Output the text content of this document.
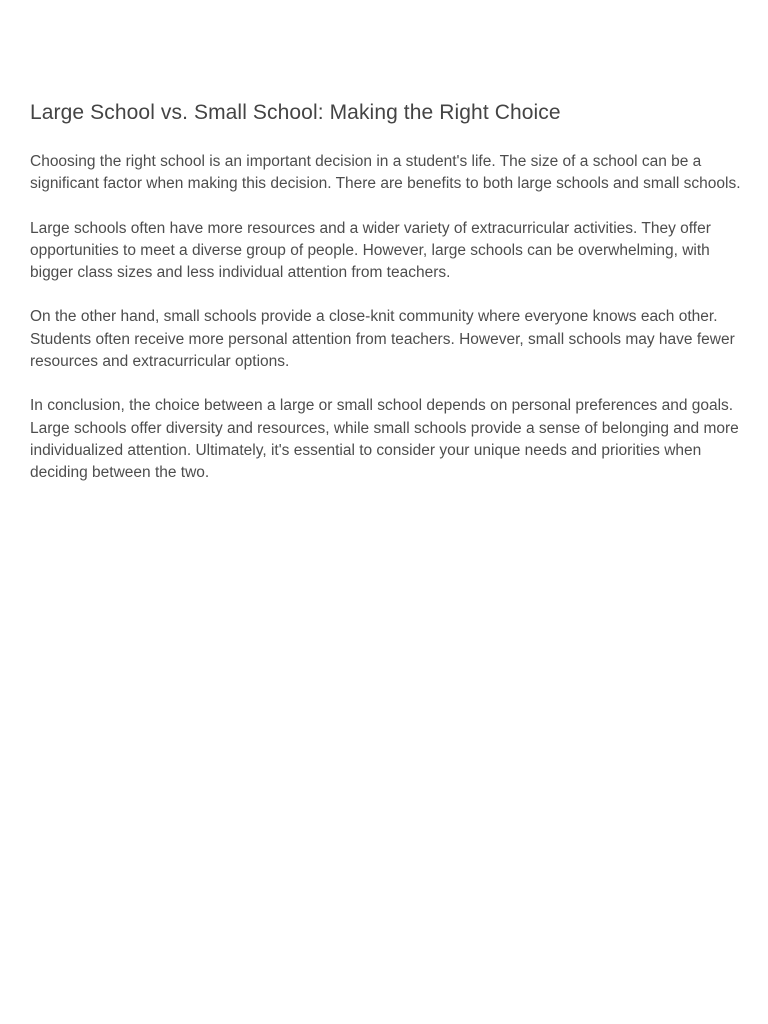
Large School vs. Small School: Making the Right Choice

Choosing the right school is an important decision in a student's life. The size of a school can be a significant factor when making this decision. There are benefits to both large schools and small schools.

Large schools often have more resources and a wider variety of extracurricular activities. They offer opportunities to meet a diverse group of people. However, large schools can be overwhelming, with bigger class sizes and less individual attention from teachers.

On the other hand, small schools provide a close-knit community where everyone knows each other. Students often receive more personal attention from teachers. However, small schools may have fewer resources and extracurricular options.

In conclusion, the choice between a large or small school depends on personal preferences and goals. Large schools offer diversity and resources, while small schools provide a sense of belonging and more individualized attention. Ultimately, it's essential to consider your unique needs and priorities when deciding between the two.
